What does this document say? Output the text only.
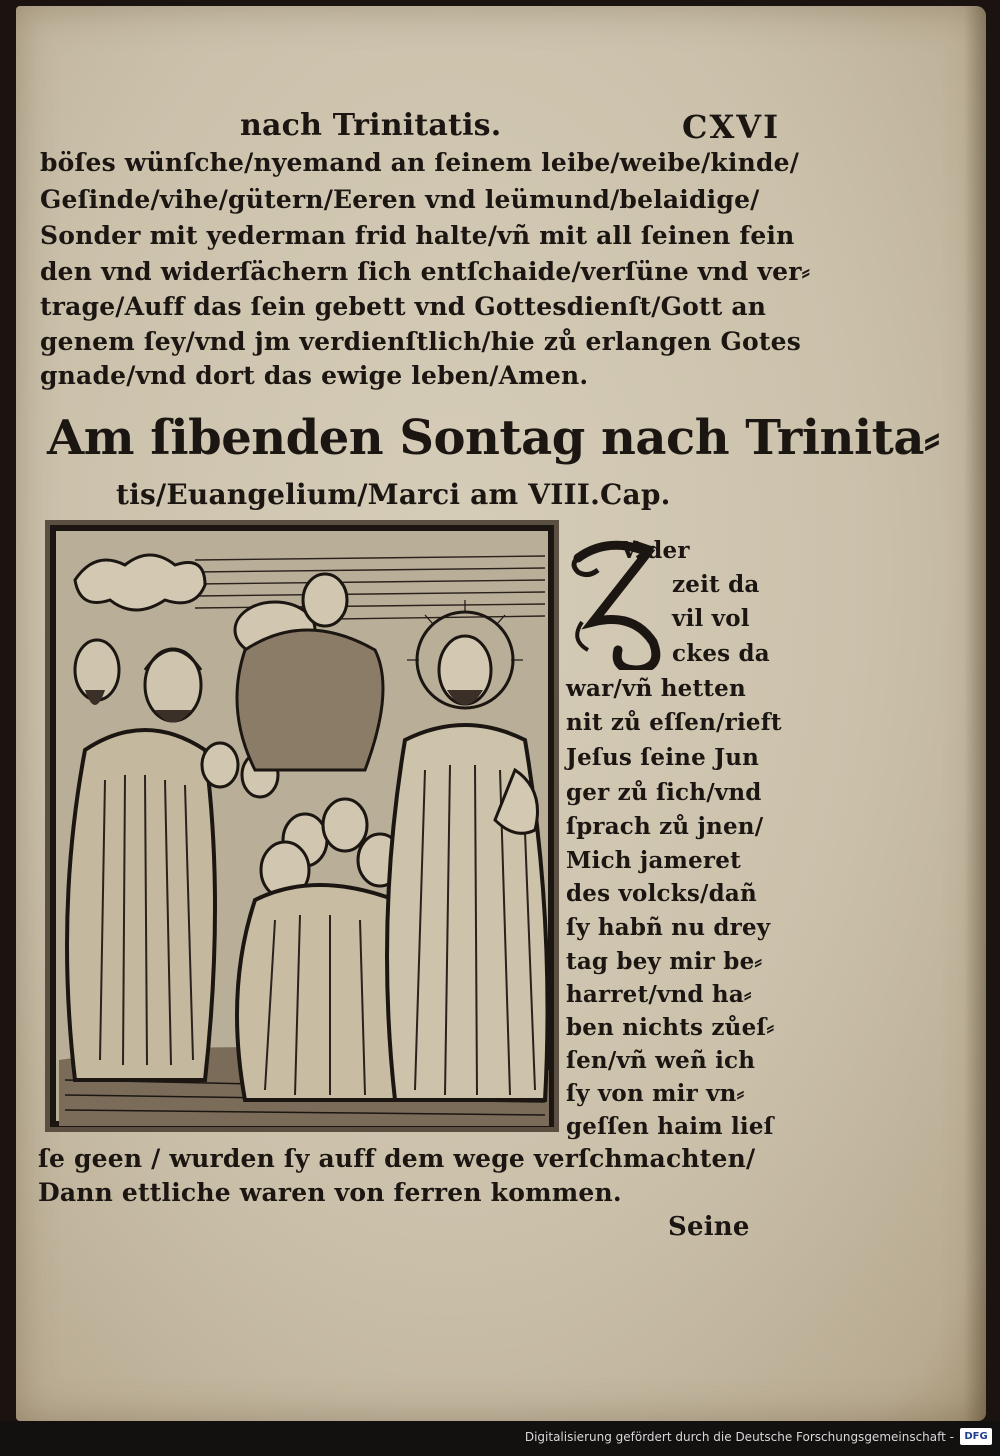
nach Trinitatis.	CXVI
böſes wünſche/nyemand an ſeinem leibe/weibe/kinde/
Geſinde/vihe/gütern/Eeren vnd leümund/belaidige/
Sonder mit yederman frid halte/vñ mit all ſeinen fein
den vnd widerſächern ſich entſchaide/verſüne vnd ver⸗
trage/Auff das ſein gebett vnd Gottesdienſt/Gott an
genem ſey/vnd jm verdienſtlich/hie zů erlangen Gotes
gnade/vnd dort das ewige leben/Amen.
Am ſibenden Sontag nach Trinita⸗
tis/Euangelium/Marci am VIII.Cap.
V der
zeit da
vil vol
ckes da
war/vñ hetten
nit zů eſſen/rieft
Jeſus ſeine Jun
ger zů ſich/vnd
ſprach zů jnen/
Mich jameret
des volcks/dañ
ſy habñ nu drey
tag bey mir be⸗
harret/vnd ha⸗
ben nichts zůeſ⸗
ſen/vñ weñ ich
ſy von mir vn⸗
geſſen haim lieſ
ſe geen / wurden ſy auff dem wege verſchmachten/
Dann ettliche waren von ferren kommen.
Seine
Digitalisierung gefördert durch die Deutsche Forschungsgemeinschaft -	DFG
